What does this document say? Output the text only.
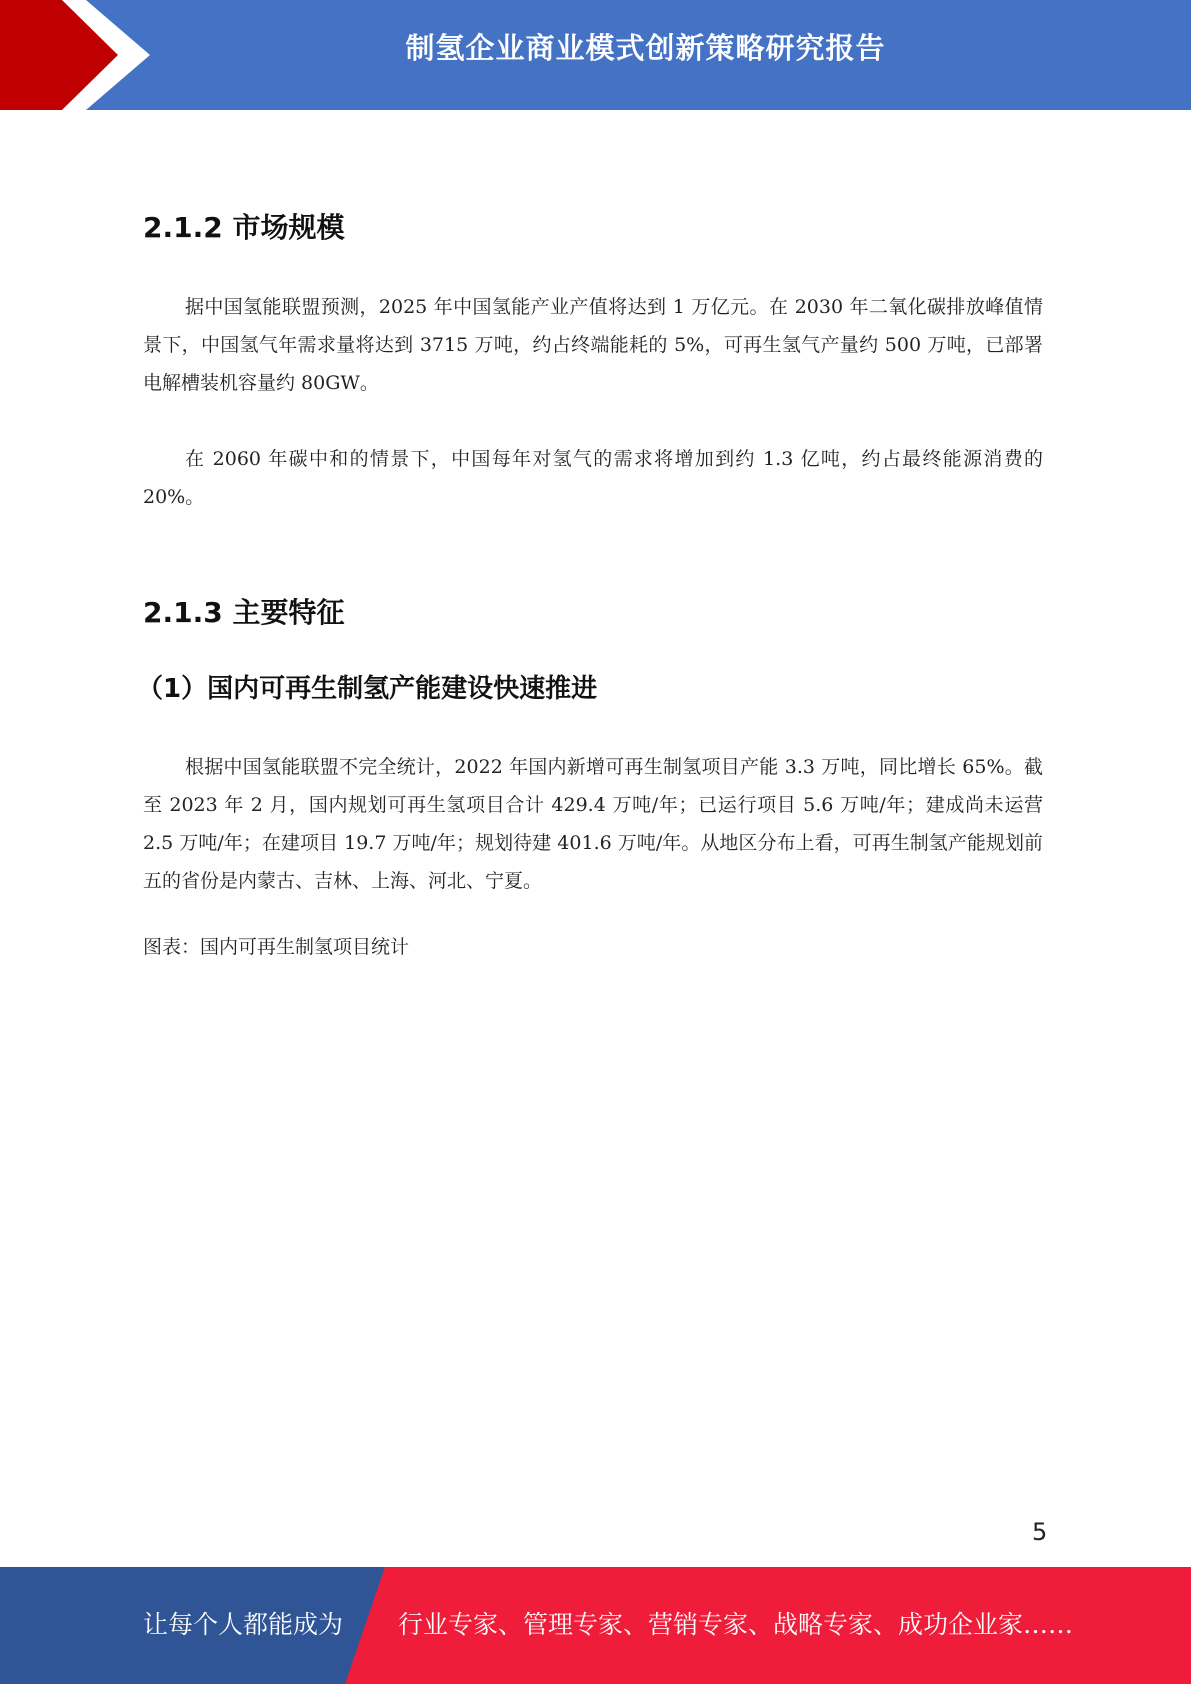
制氢企业商业模式创新策略研究报告
2.1.2 市场规模
据中国氢能联盟预测，2025 年中国氢能产业产值将达到 1 万亿元。在 2030 年二氧化碳排放峰值情景下，中国氢气年需求量将达到 3715 万吨，约占终端能耗的 5%，可再生氢气产量约 500 万吨，已部署电解槽装机容量约 80GW。
在 2060 年碳中和的情景下，中国每年对氢气的需求将增加到约 1.3 亿吨，约占最终能源消费的 20%。
2.1.3 主要特征
（1）国内可再生制氢产能建设快速推进
根据中国氢能联盟不完全统计，2022 年国内新增可再生制氢项目产能 3.3 万吨，同比增长 65%。截至 2023 年 2 月，国内规划可再生氢项目合计 429.4 万吨/年；已运行项目 5.6 万吨/年；建成尚未运营 2.5 万吨/年；在建项目 19.7 万吨/年；规划待建 401.6 万吨/年。从地区分布上看，可再生制氢产能规划前五的省份是内蒙古、吉林、上海、河北、宁夏。
图表：国内可再生制氢项目统计
5
让每个人都能成为 行业专家、管理专家、营销专家、战略专家、成功企业家……
